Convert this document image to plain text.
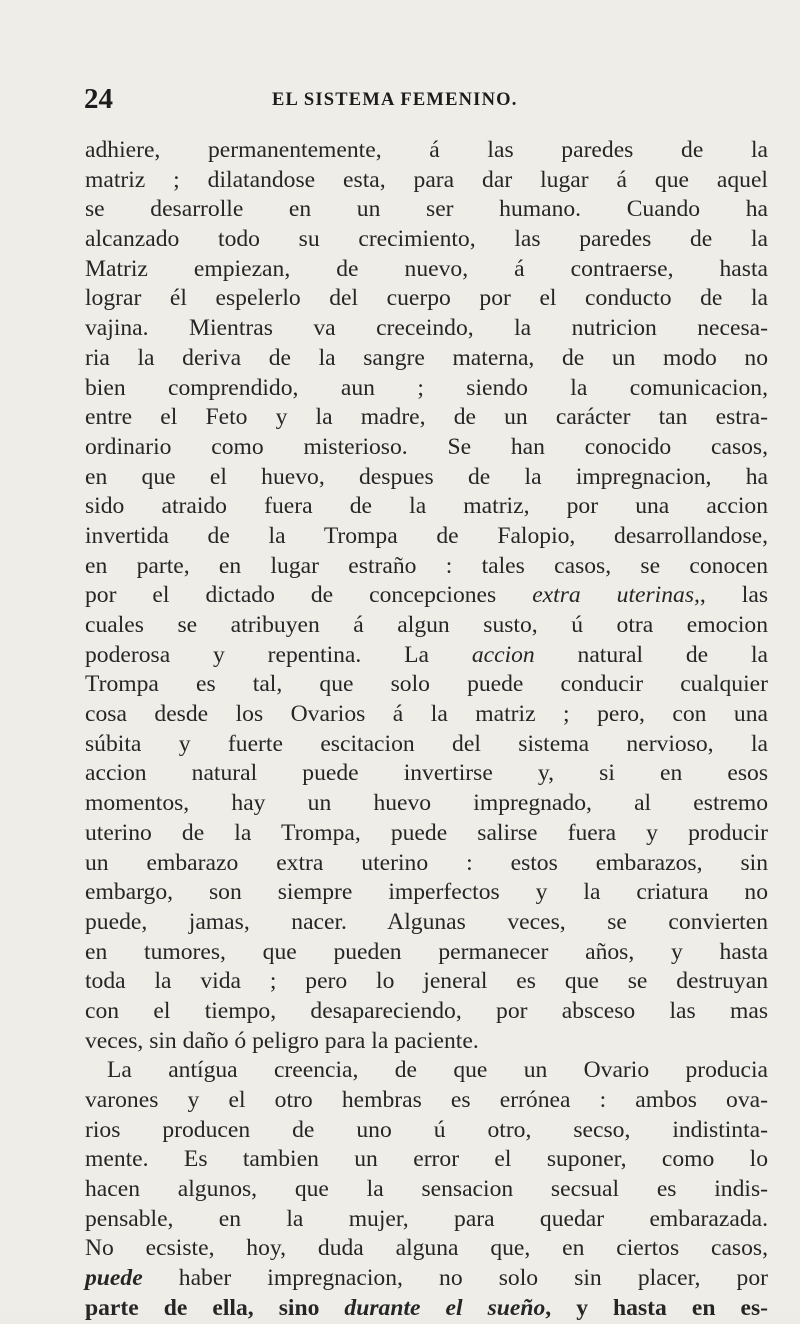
24	EL SISTEMA FEMENINO.
adhiere, permanentemente, á las paredes de la
matriz ; dilatandose esta, para dar lugar á que aquel
se desarrolle en un ser humano. Cuando ha
alcanzado todo su crecimiento, las paredes de la
Matriz empiezan, de nuevo, á contraerse, hasta
lograr él espelerlo del cuerpo por el conducto de la
vajina. Mientras va creceindo, la nutricion necesa-
ria la deriva de la sangre materna, de un modo no
bien comprendido, aun ; siendo la comunicacion,
entre el Feto y la madre, de un carácter tan estra-
ordinario como misterioso. Se han conocido casos,
en que el huevo, despues de la impregnacion, ha
sido atraido fuera de la matriz, por una accion
invertida de la Trompa de Falopio, desarrollandose,
en parte, en lugar estraño : tales casos, se conocen
por el dictado de concepciones extra uterinas,, las
cuales se atribuyen á algun susto, ú otra emocion
poderosa y repentina. La accion natural de la
Trompa es tal, que solo puede conducir cualquier
cosa desde los Ovarios á la matriz ; pero, con una
súbita y fuerte escitacion del sistema nervioso, la
accion natural puede invertirse y, si en esos
momentos, hay un huevo impregnado, al estremo
uterino de la Trompa, puede salirse fuera y producir
un embarazo extra uterino : estos embarazos, sin
embargo, son siempre imperfectos y la criatura no
puede, jamas, nacer. Algunas veces, se convierten
en tumores, que pueden permanecer años, y hasta
toda la vida ; pero lo jeneral es que se destruyan
con el tiempo, desapareciendo, por absceso las mas
veces, sin daño ó peligro para la paciente.
La antígua creencia, de que un Ovario producia
varones y el otro hembras es errónea : ambos ova-
rios producen de uno ú otro, secso, indistinta-
mente. Es tambien un error el suponer, como lo
hacen algunos, que la sensacion secsual es indis-
pensable, en la mujer, para quedar embarazada.
No ecsiste, hoy, duda alguna que, en ciertos casos,
puede haber impregnacion, no solo sin placer, por
parte de ella, sino durante el sueño, y hasta en es-
